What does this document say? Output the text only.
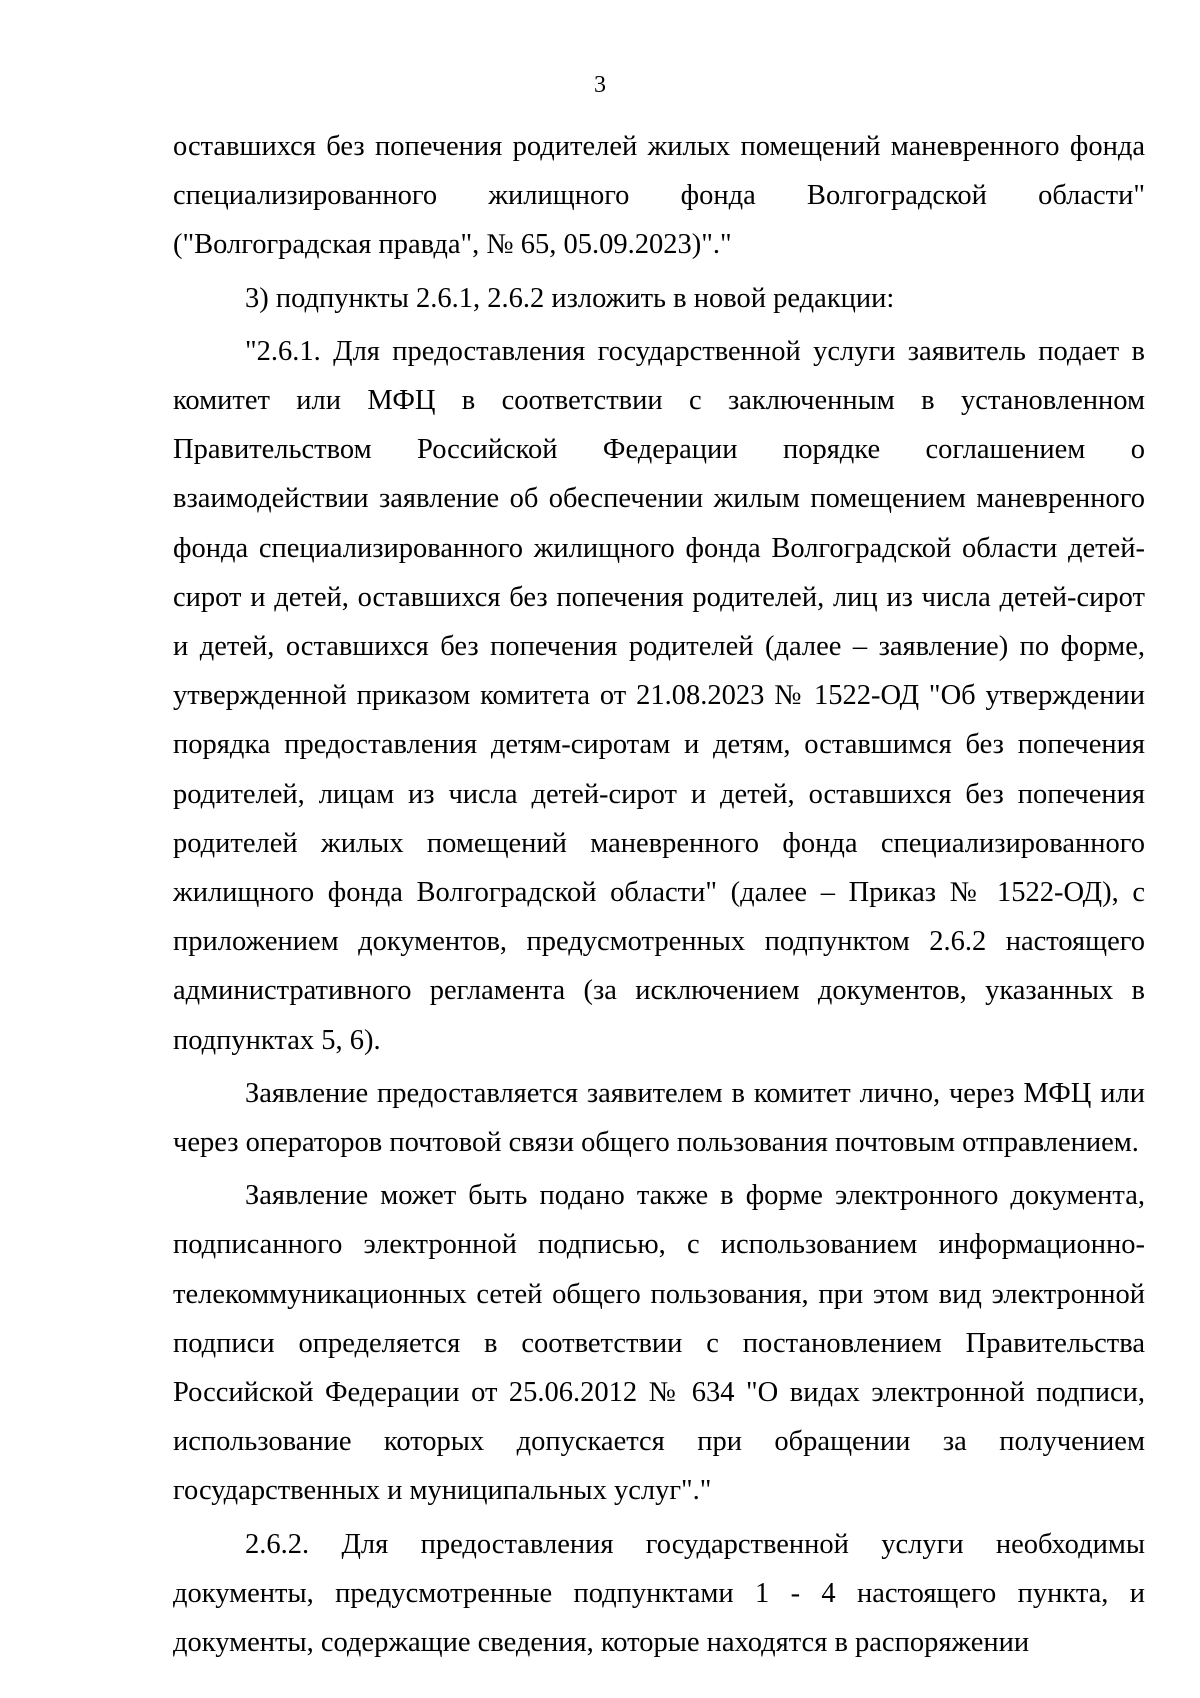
3

оставшихся без попечения родителей жилых помещений маневренного фонда специализированного жилищного фонда Волгоградской области" ("Волгоградская правда", № 65, 05.09.2023)"."

3) подпункты 2.6.1, 2.6.2 изложить в новой редакции:

"2.6.1. Для предоставления государственной услуги заявитель подает в комитет или МФЦ в соответствии с заключенным в установленном Правительством Российской Федерации порядке соглашением о взаимодействии заявление об обеспечении жилым помещением маневренного фонда специализированного жилищного фонда Волгоградской области детей-сирот и детей, оставшихся без попечения родителей, лиц из числа детей-сирот и детей, оставшихся без попечения родителей (далее – заявление) по форме, утвержденной приказом комитета от 21.08.2023 № 1522-ОД "Об утверждении порядка предоставления детям-сиротам и детям, оставшимся без попечения родителей, лицам из числа детей-сирот и детей, оставшихся без попечения родителей жилых помещений маневренного фонда специализированного жилищного фонда Волгоградской области" (далее – Приказ № 1522-ОД), с приложением документов, предусмотренных подпунктом 2.6.2 настоящего административного регламента (за исключением документов, указанных в подпунктах 5, 6).

Заявление предоставляется заявителем в комитет лично, через МФЦ или через операторов почтовой связи общего пользования почтовым отправлением.

Заявление может быть подано также в форме электронного документа, подписанного электронной подписью, с использованием информационно-телекоммуникационных сетей общего пользования, при этом вид электронной подписи определяется в соответствии с постановлением Правительства Российской Федерации от 25.06.2012 № 634 "О видах электронной подписи, использование которых допускается при обращении за получением государственных и муниципальных услуг"."

2.6.2. Для предоставления государственной услуги необходимы документы, предусмотренные подпунктами 1 - 4 настоящего пункта, и документы, содержащие сведения, которые находятся в распоряжении
